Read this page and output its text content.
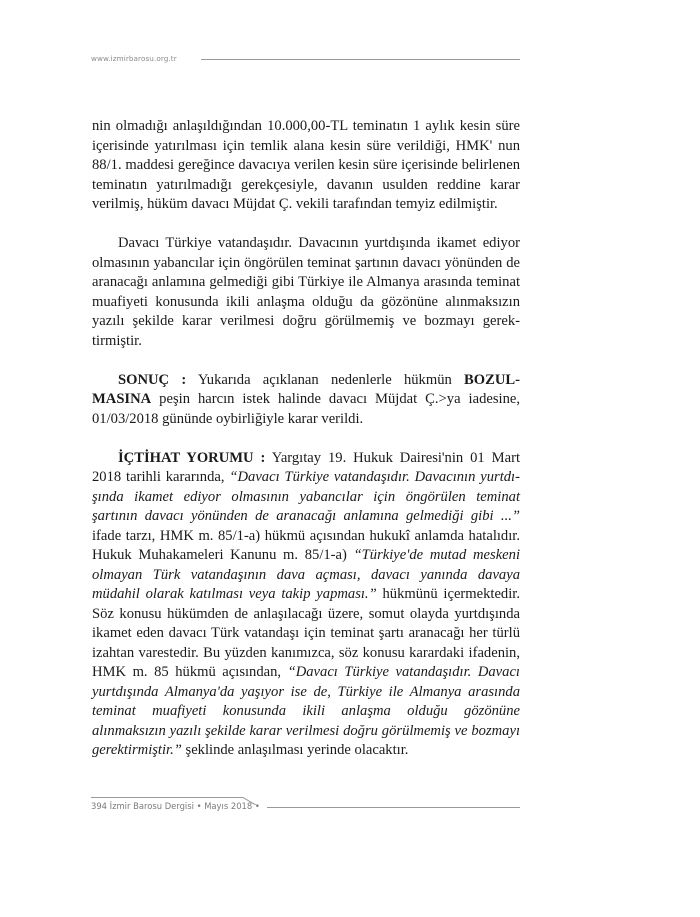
www.izmirbarosu.org.tr

nin olmadığı anlaşıldığından 10.000,00-TL teminatın 1 aylık kesin süre içerisinde yatırılması için temlik alana kesin süre verildiği, HMK' nun 88/1. maddesi gereğince davacıya verilen kesin süre içerisinde belirlenen teminatın yatırılmadığı gerekçesiyle, davanın usulden reddine karar verilmiş, hüküm davacı Müjdat Ç. vekili tarafından temyiz edilmiştir.

Davacı Türkiye vatandaşıdır. Davacının yurtdışında ikamet ediyor olmasının yabancılar için öngörülen teminat şartının davacı yönünden de aranacağı anlamına gelmediği gibi Türkiye ile Almanya arasında teminat muafiyeti konusunda ikili anlaşma olduğu da gözönüne alınmaksızın yazılı şekilde karar verilmesi doğru görülmemiş ve bozmayı gerektirmiştir.

SONUÇ : Yukarıda açıklanan nedenlerle hükmün BOZULMASINA peşin harcın istek halinde davacı Müjdat Ç.>ya iadesine, 01/03/2018 gününde oybirliğiyle karar verildi.

İÇTİHAT YORUMU : Yargıtay 19. Hukuk Dairesi'nin 01 Mart 2018 tarihli kararında, “Davacı Türkiye vatandaşıdır. Davacının yurtdışında ikamet ediyor olmasının yabancılar için öngörülen teminat şartının davacı yönünden de aranacağı anlamına gelmediği gibi ...” ifade tarzı, HMK m. 85/1-a) hükmü açısından hukukî anlamda hatalıdır. Hukuk Muhakameleri Kanunu m. 85/1-a) “Türkiye'de mutad meskeni olmayan Türk vatandaşının dava açması, davacı yanında davaya müdahil olarak katılması veya takip yapması.” hükmünü içermektedir. Söz konusu hükümden de anlaşılacağı üzere, somut olayda yurtdışında ikamet eden davacı Türk vatandaşı için teminat şartı aranacağı her türlü izahtan varestedir. Bu yüzden kanımızca, söz konusu karardaki ifadenin, HMK m. 85 hükmü açısından, “Davacı Türkiye vatandaşıdır. Davacı yurtdışında Almanya'da yaşıyor ise de, Türkiye ile Almanya arasında teminat muafiyeti konusunda ikili anlaşma olduğu gözönüne alınmaksızın yazılı şekilde karar verilmesi doğru görülmemiş ve bozmayı gerektirmiştir.” şeklinde anlaşılması yerinde olacaktır.

394 İzmir Barosu Dergisi • Mayıs 2018 •
